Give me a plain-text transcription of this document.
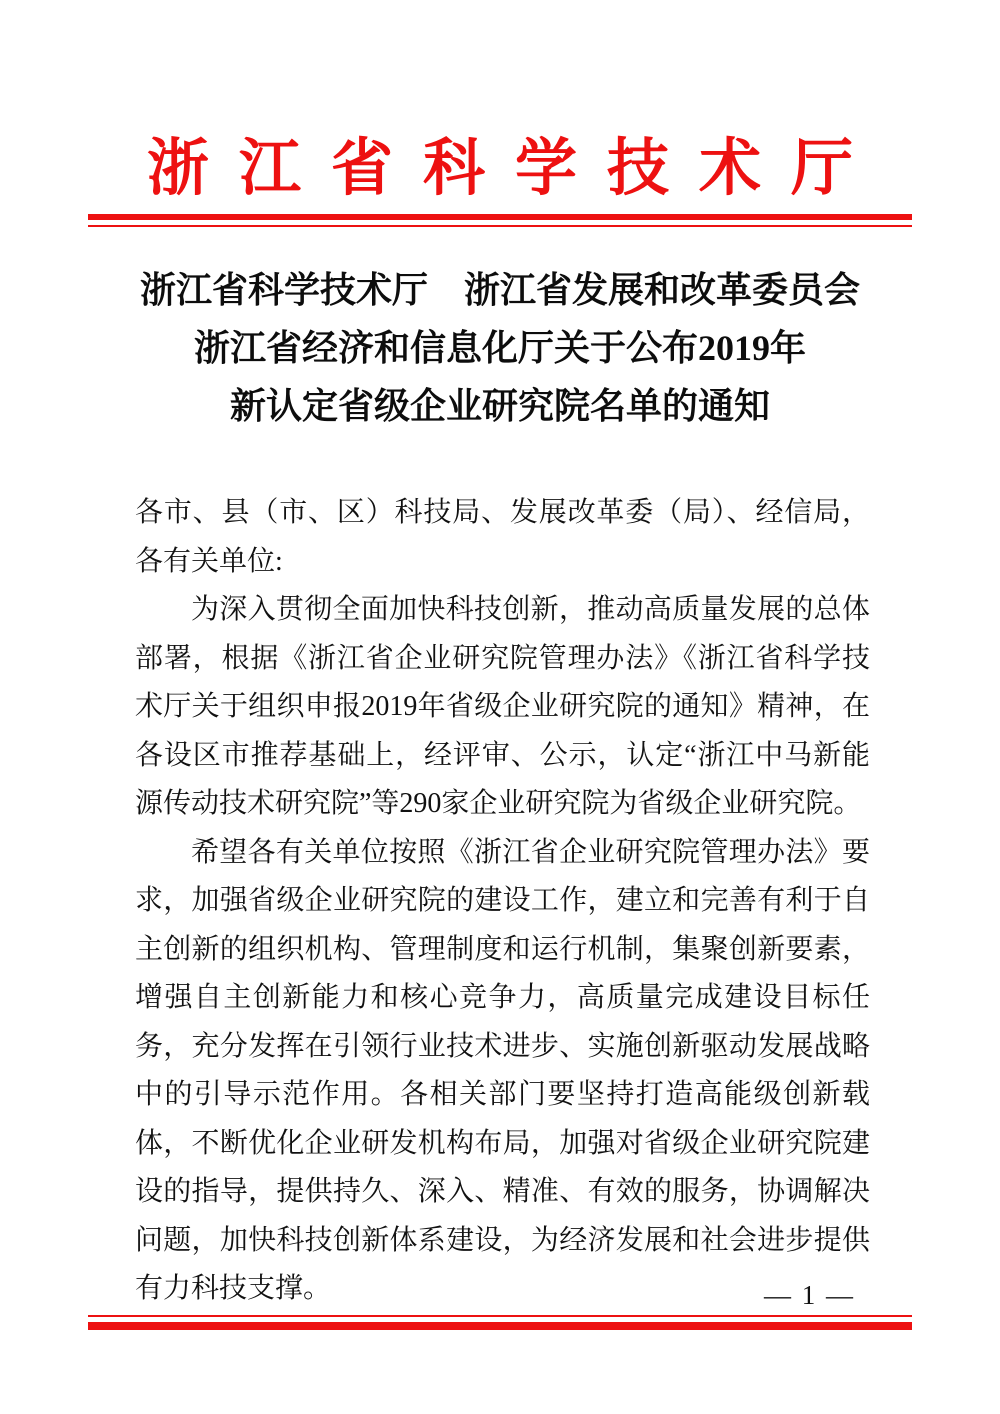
浙江省科学技术厅
浙江省科学技术厅　浙江省发展和改革委员会
浙江省经济和信息化厅关于公布2019年
新认定省级企业研究院名单的通知

各市、县（市、区）科技局、发展改革委（局）、经信局，各有关单位:

为深入贯彻全面加快科技创新，推动高质量发展的总体部署，根据《浙江省企业研究院管理办法》《浙江省科学技术厅关于组织申报2019年省级企业研究院的通知》精神，在各设区市推荐基础上，经评审、公示，认定“浙江中马新能源传动技术研究院”等290家企业研究院为省级企业研究院。

希望各有关单位按照《浙江省企业研究院管理办法》要求，加强省级企业研究院的建设工作，建立和完善有利于自主创新的组织机构、管理制度和运行机制，集聚创新要素，增强自主创新能力和核心竞争力，高质量完成建设目标任务，充分发挥在引领行业技术进步、实施创新驱动发展战略中的引导示范作用。各相关部门要坚持打造高能级创新载体，不断优化企业研发机构布局，加强对省级企业研究院建设的指导，提供持久、深入、精准、有效的服务，协调解决问题，加快科技创新体系建设，为经济发展和社会进步提供有力科技支撑。	— 1 —
